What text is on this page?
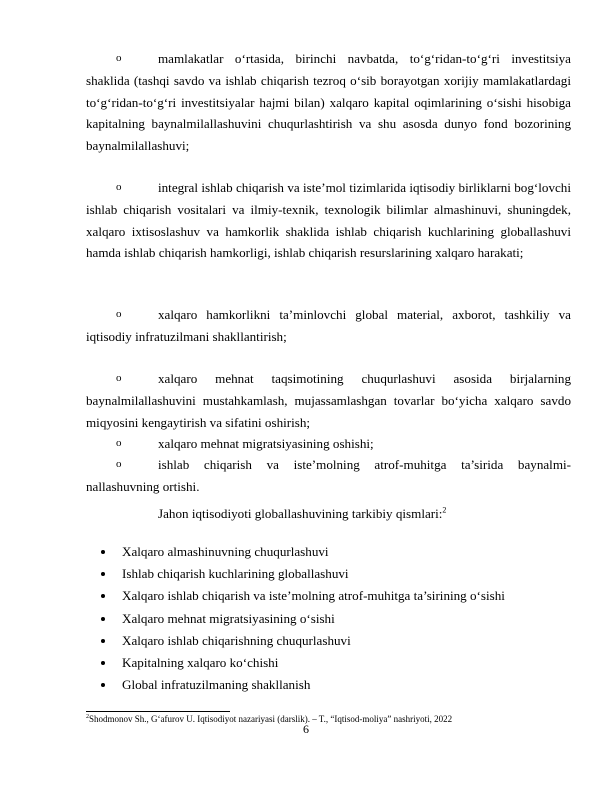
o	mamlakatlar o‘rtasida, birinchi navbatda, to‘g‘ridan-to‘g‘ri investitsiya shaklida (tashqi savdo va ishlab chiqarish tezroq o‘sib borayotgan xorijiy mamlakatlardagi to‘g‘ridan-to‘g‘ri investitsiyalar hajmi bilan) xalqaro kapital oqimlarining o‘sishi hisobiga kapitalning baynalmilallashuvini chuqurlashtirish va shu asosda dunyo fond bozorining baynalmilallashuvi;

o	integral ishlab chiqarish va iste’mol tizimlarida iqtisodiy birliklarni bog‘lovchi ishlab chiqarish vositalari va ilmiy-texnik, texnologik bilimlar almashinuvi, shuningdek, xalqaro ixtisoslashuv va hamkorlik shaklida ishlab chiqarish kuchlarining globallashuvi hamda ishlab chiqarish hamkorligi, ishlab chiqarish resurslarining xalqaro harakati;

o	xalqaro hamkorlikni ta’minlovchi global material, axborot, tashkiliy va iqtisodiy infratuzilmani shakllantirish;

o	xalqaro mehnat taqsimotining chuqurlashuvi asosida birjalarning baynalmilallashuvini mustahkamlash, mujassamlashgan tovarlar bo‘yicha xalqaro savdo miqyosini kengaytirish va sifatini oshirish;

o	xalqaro mehnat migratsiyasining oshishi;

o	ishlab chiqarish va iste’molning atrof-muhitga ta’sirida baynalmi-nallashuvning ortishi.

Jahon iqtisodiyoti globallashuvining tarkibiy qismlari:$^2$

Xalqaro almashinuvning chuqurlashuvi
Ishlab chiqarish kuchlarining globallashuvi
Xalqaro ishlab chiqarish va iste’molning atrof-muhitga ta’sirining o‘sishi
Xalqaro mehnat migratsiyasining o‘sishi
Xalqaro ishlab chiqarishning chuqurlashuvi
Kapitalning xalqaro ko‘chishi
Global infratuzilmaning shakllanish
$^2$Shodmonov Sh., G‘afurov U. Iqtisodiyot nazariyasi (darslik). – T., “Iqtisod-moliya” nashriyoti, 2022
6
